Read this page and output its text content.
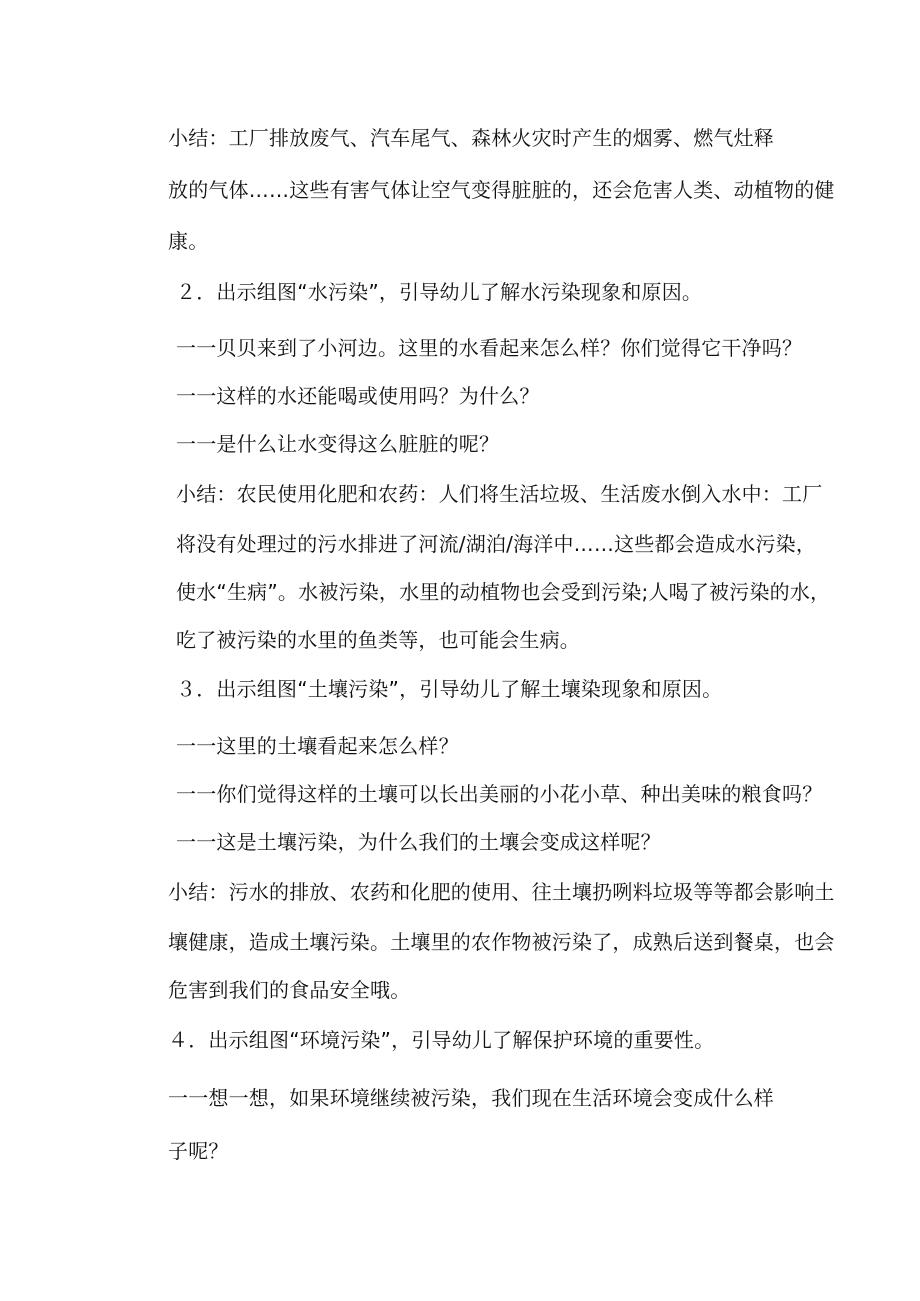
小结：工厂排放废气、汽车尾气、森林火灾时产生的烟雾、燃气灶释
放的气体……这些有害气体让空气变得脏脏的，还会危害人类、动植物的健
康。
２．出示组图“水污染”，引导幼儿了解水污染现象和原因。
一一贝贝来到了小河边。这里的水看起来怎么样？你们觉得它干净吗？
一一这样的水还能喝或使用吗？为什么？
一一是什么让水变得这么脏脏的呢？
小结：农民使用化肥和农药：人们将生活垃圾、生活废水倒入水中：工厂
将没有处理过的污水排进了河流/湖泊/海洋中……这些都会造成水污染，
使水“生病”。水被污染，水里的动植物也会受到污染;人喝了被污染的水，
吃了被污染的水里的鱼类等，也可能会生病。
３．出示组图“土壤污染”，引导幼儿了解土壤染现象和原因。
一一这里的土壤看起来怎么样？
一一你们觉得这样的土壤可以长出美丽的小花小草、种出美味的粮食吗？
一一这是土壤污染，为什么我们的土壤会变成这样呢？
小结：污水的排放、农药和化肥的使用、往土壤扔咧料垃圾等等都会影响土
壤健康，造成土壤污染。土壤里的农作物被污染了，成熟后送到餐桌，也会
危害到我们的食品安全哦。
４．出示组图“环境污染”，引导幼儿了解保护环境的重要性。
一一想一想，如果环境继续被污染，我们现在生活环境会变成什么样
子呢？
